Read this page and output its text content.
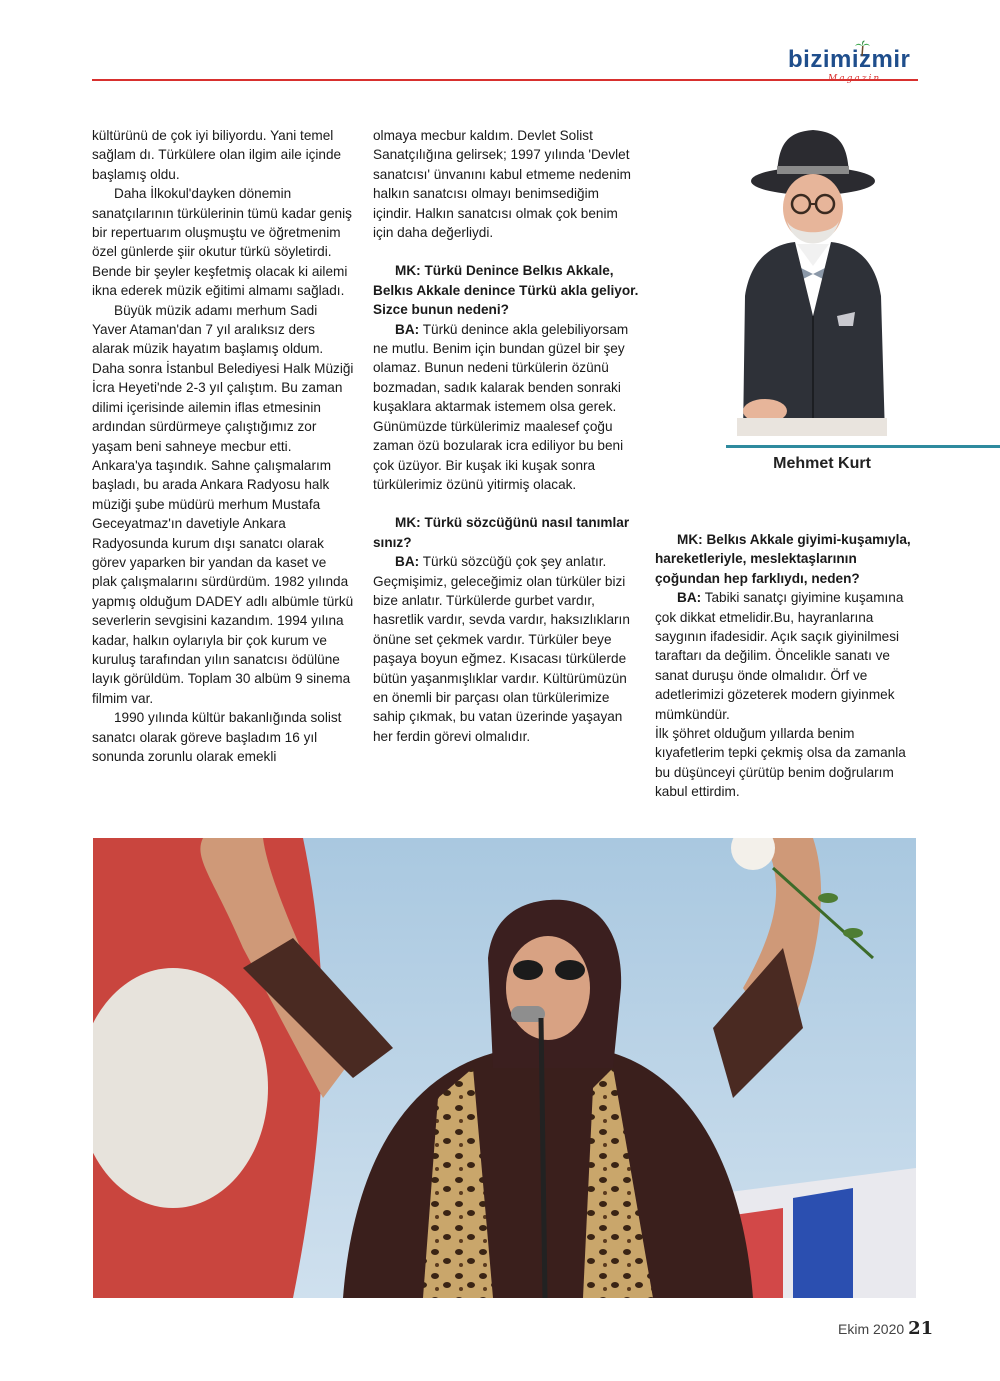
bizimizmir
Magazin

kültürünü de çok iyi biliyordu. Yani temel sağlam dı. Türkülere olan ilgim aile içinde başlamış oldu.

Daha İlkokul'dayken dönemin sanatçılarının türkülerinin tümü kadar geniş bir repertuarım oluşmuştu ve öğretmenim özel günlerde şiir okutur türkü söyletirdi. Bende bir şeyler keşfetmiş olacak ki ailemi ikna ederek müzik eğitimi almamı sağladı.

Büyük müzik adamı merhum Sadi Yaver Ataman'dan 7 yıl aralıksız ders alarak müzik hayatım başlamış oldum. Daha sonra İstanbul Belediyesi Halk Müziği İcra Heyeti'nde 2-3 yıl çalıştım. Bu zaman dilimi içerisinde ailemin iflas etmesinin ardından sürdürmeye çalıştığımız zor yaşam beni sahneye mecbur etti. Ankara'ya taşındık. Sahne çalışmalarım başladı, bu arada Ankara Radyosu halk müziği şube müdürü merhum Mustafa Geceyatmaz'ın davetiyle Ankara Radyosunda kurum dışı sanatcı olarak görev yaparken bir yandan da kaset ve plak çalışmalarını sürdürdüm. 1982 yılında yapmış olduğum DADEY adlı albümle türkü severlerin sevgisini kazandım. 1994 yılına kadar, halkın oylarıyla bir çok kurum ve kuruluş tarafından yılın sanatcısı ödülüne layık görüldüm. Toplam 30 albüm 9 sinema filmim var.

1990 yılında kültür bakanlığında solist sanatcı olarak göreve başladım 16 yıl sonunda zorunlu olarak emekli

olmaya mecbur kaldım. Devlet Solist Sanatçılığına gelirsek; 1997 yılında 'Devlet sanatcısı' ünvanını kabul etmeme nedenim halkın sanatcısı olmayı benimsediğim içindir. Halkın sanatcısı olmak çok benim için daha değerliydi.

MK: Türkü Denince Belkıs Akkale, Belkıs Akkale denince Türkü akla geliyor. Sizce bunun nedeni?

BA: Türkü denince akla gelebiliyorsam ne mutlu. Benim için bundan güzel bir şey olamaz. Bunun nedeni türkülerin özünü bozmadan, sadık kalarak benden sonraki kuşaklara aktarmak istemem olsa gerek. Günümüzde türkülerimiz maalesef çoğu zaman özü bozularak icra ediliyor bu beni çok üzüyor. Bir kuşak iki kuşak sonra türkülerimiz özünü yitirmiş olacak.

MK: Türkü sözcüğünü nasıl tanımlar sınız?

BA: Türkü sözcüğü çok şey anlatır. Geçmişimiz, geleceğimiz olan türküler bizi bize anlatır. Türkülerde gurbet vardır, hasretlik vardır, sevda vardır, haksızlıkların önüne set çekmek vardır. Türküler beye paşaya boyun eğmez. Kısacası türkülerde bütün yaşanmışlıklar vardır. Kültürümüzün en önemli bir parçası olan türkülerimize sahip çıkmak, bu vatan üzerinde yaşayan her ferdin görevi olmalıdır.

Mehmet Kurt

MK: Belkıs Akkale giyimi-kuşamıyla, hareketleriyle, meslektaşlarının çoğundan hep farklıydı, neden?

BA: Tabiki sanatçı giyimine kuşamına çok dikkat etmelidir.Bu, hayranlarına saygının ifadesidir. Açık saçık giyinilmesi taraftarı da değilim. Öncelikle sanatı ve sanat duruşu önde olmalıdır. Örf ve adetlerimizi gözeterek modern giyinmek mümkündür.

İlk şöhret olduğum yıllarda benim kıyafetlerim tepki çekmiş olsa da zamanla bu düşünceyi çürütüp benim doğrularım kabul ettirdim.

Ekim 2020 21
